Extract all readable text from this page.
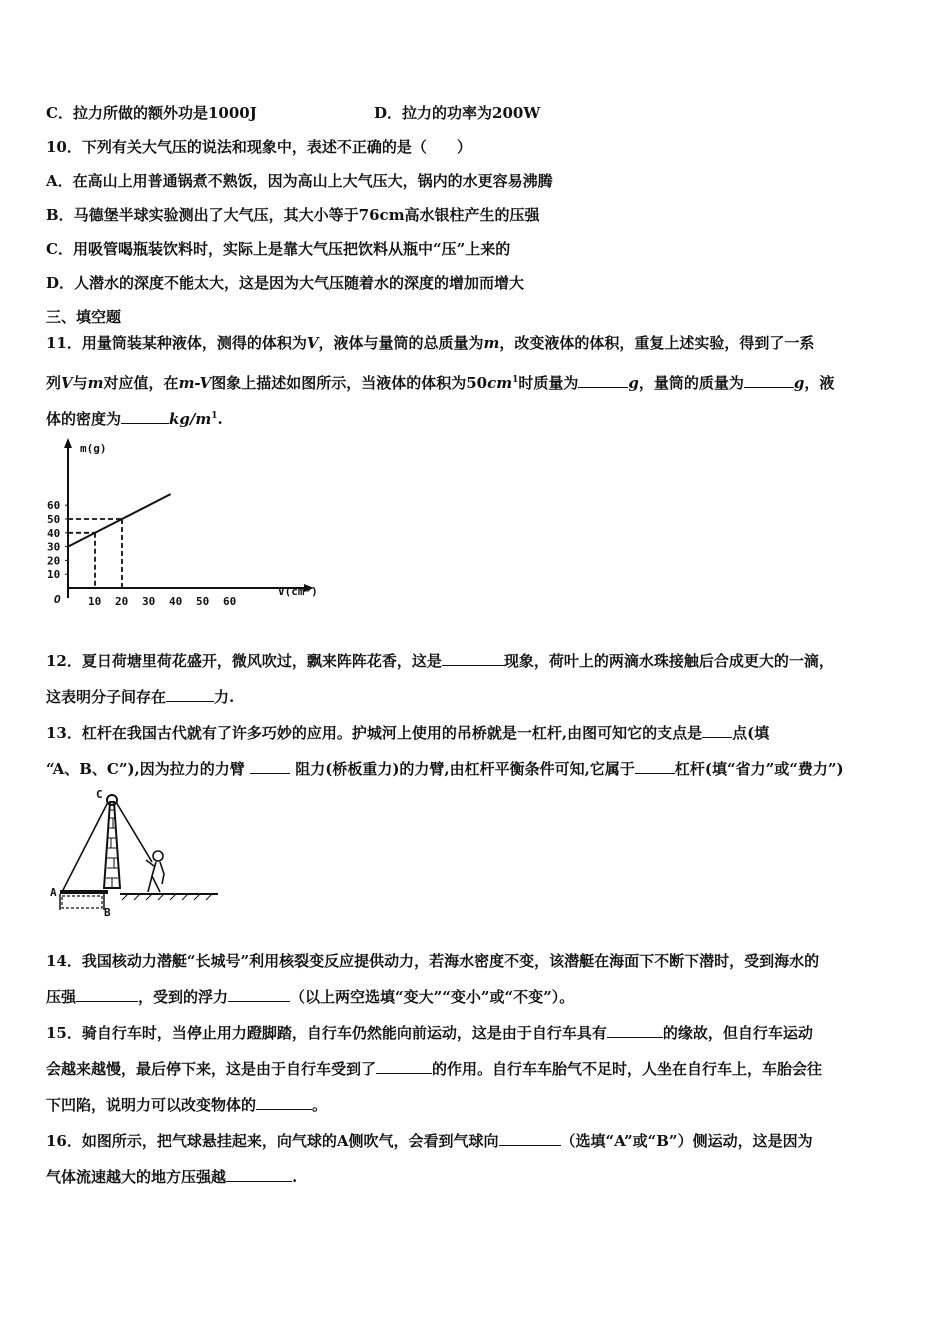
C．拉力所做的额外功是1000J	D．拉力的功率为200W
10．下列有关大气压的说法和现象中，表述不正确的是（　　）
A．在高山上用普通锅煮不熟饭，因为高山上大气压大，锅内的水更容易沸腾
B．马德堡半球实验测出了大气压，其大小等于76cm高水银柱产生的压强
C．用吸管喝瓶装饮料时，实际上是靠大气压把饮料从瓶中“压”上来的
D．人潜水的深度不能太大，这是因为大气压随着水的深度的增加而增大
三、填空题
11．用量筒装某种液体，测得的体积为V，液体与量筒的总质量为m，改变液体的体积，重复上述实验，得到了一系
列V与m对应值，在m-V图象上描述如图所示，当液体的体积为$50cm^1$时质量为	g，量筒的质量为	g，液
体的密度为	$kg/m^1$.
m(g)
V(cm³)
O
60
50
40
30
20
10
10 20 30 40 50 60
12．夏日荷塘里荷花盛开，微风吹过，飘来阵阵花香，这是	现象，荷叶上的两滴水珠接触后合成更大的一滴，
这表明分子间存在	力.
13．杠杆在我国古代就有了许多巧妙的应用。护城河上使用的吊桥就是一杠杆,由图可知它的支点是 点(填
“A、B、C”),因为拉力的力臂	阻力(桥板重力)的力臂,由杠杆平衡条件可知,它属于	杠杆(填“省力”或“费力”)
C
A
B
14．我国核动力潜艇“长城号”利用核裂变反应提供动力，若海水密度不变，该潜艇在海面下不断下潜时，受到海水的
压强	，受到的浮力	（以上两空选填“变大”“变小”或“不变”）。
15．骑自行车时，当停止用力蹬脚踏，自行车仍然能向前运动，这是由于自行车具有	的缘故，但自行车运动
会越来越慢，最后停下来，这是由于自行车受到了	的作用。自行车车胎气不足时，人坐在自行车上，车胎会往
下凹陷，说明力可以改变物体的	。
16．如图所示，把气球悬挂起来，向气球的A侧吹气，会看到气球向	（选填“A”或“B”）侧运动，这是因为
气体流速越大的地方压强越	.
